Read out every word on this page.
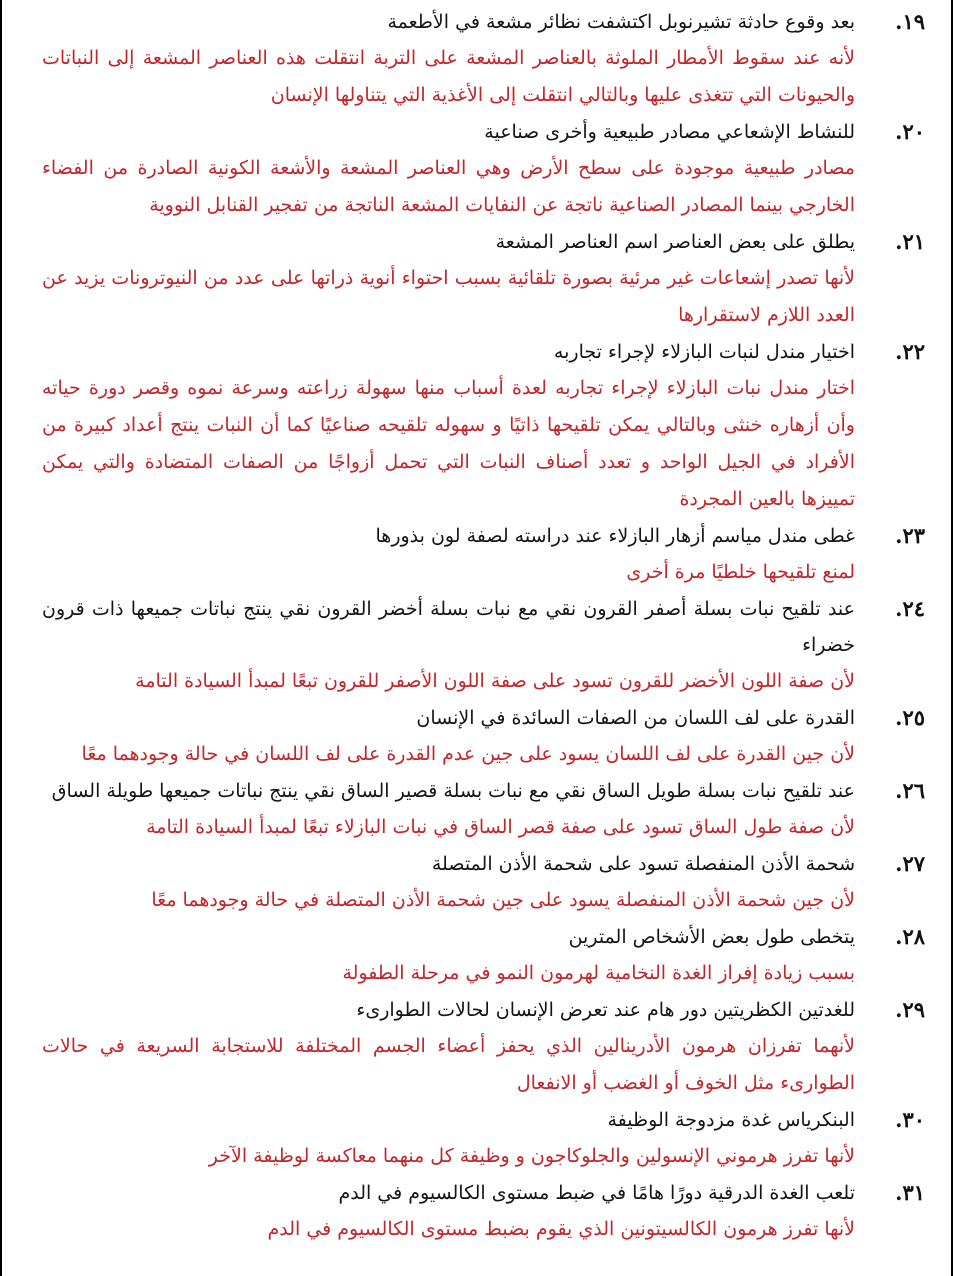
١٩.
بعد وقوع حادثة تشيرنوبل اكتشفت نظائر مشعة في الأطعمة
لأنه عند سقوط الأمطار الملوثة بالعناصر المشعة على التربة انتقلت هذه العناصر المشعة إلى النباتات والحيونات التي تتغذى عليها وبالتالي انتقلت إلى الأغذية التي يتناولها الإنسان
٢٠.
للنشاط الإشعاعي مصادر طبيعية وأخرى صناعية
مصادر طبيعية موجودة على سطح الأرض وهي العناصر المشعة والأشعة الكونية الصادرة من الفضاء الخارجي بينما المصادر الصناعية ناتجة عن النفايات المشعة الناتجة من تفجير القنابل النووية
٢١.
يطلق على بعض العناصر اسم العناصر المشعة
لأنها تصدر إشعاعات غير مرئية بصورة تلقائية بسبب احتواء أنوية ذراتها على عدد من النيوترونات يزيد عن العدد اللازم لاستقرارها
٢٢.
اختيار مندل لنبات البازلاء لإجراء تجاربه
اختار مندل نبات البازلاء لإجراء تجاربه لعدة أسباب منها سهولة زراعته وسرعة نموه وقصر دورة حياته وأن أزهاره خنثى وبالتالي يمكن تلقيحها ذاتيًا و سهوله تلقيحه صناعيًا كما أن النبات ينتج أعداد كبيرة من الأفراد في الجيل الواحد و تعدد أصناف النبات التي تحمل أزواجًا من الصفات المتضادة والتي يمكن تمييزها بالعين المجردة
٢٣.
غطى مندل مياسم أزهار البازلاء عند دراسته لصفة لون بذورها
لمنع تلقيحها خلطيًا مرة أخرى
٢٤.
عند تلقيح نبات بسلة أصفر القرون نقي مع نبات بسلة أخضر القرون نقي ينتج نباتات جميعها ذات قرون خضراء
لأن صفة اللون الأخضر للقرون تسود على صفة اللون الأصفر للقرون تبعًا لمبدأ السيادة التامة
٢٥.
القدرة على لف اللسان من الصفات السائدة في الإنسان
لأن جين القدرة على لف اللسان يسود على جين عدم القدرة على لف اللسان في حالة وجودهما معًا
٢٦.
عند تلقيح نبات بسلة طويل الساق نقي مع نبات بسلة قصير الساق نقي ينتج نباتات جميعها طويلة الساق
لأن صفة طول الساق تسود على صفة قصر الساق في نبات البازلاء تبعًا لمبدأ السيادة التامة
٢٧.
شحمة الأذن المنفصلة تسود على شحمة الأذن المتصلة
لأن جين شحمة الأذن المنفصلة يسود على جين شحمة الأذن المتصلة في حالة وجودهما معًا
٢٨.
يتخطى طول بعض الأشخاص المترين
بسبب زيادة إفراز الغدة النخامية لهرمون النمو في مرحلة الطفولة
٢٩.
للغدتين الكظريتين دور هام عند تعرض الإنسان لحالات الطوارىء
لأنهما تفرزان هرمون الأدرينالين الذي يحفز أعضاء الجسم المختلفة للاستجابة السريعة في حالات الطوارىء مثل الخوف أو الغضب أو الانفعال
٣٠.
البنكرياس غدة مزدوجة الوظيفة
لأنها تفرز هرموني الإنسولين والجلوكاجون و وظيفة كل منهما معاكسة لوظيفة الآخر
٣١.
تلعب الغدة الدرقية دورًا هامًا في ضبط مستوى الكالسيوم في الدم
لأنها تفرز هرمون الكالسيتونين الذي يقوم بضبط مستوى الكالسيوم في الدم
